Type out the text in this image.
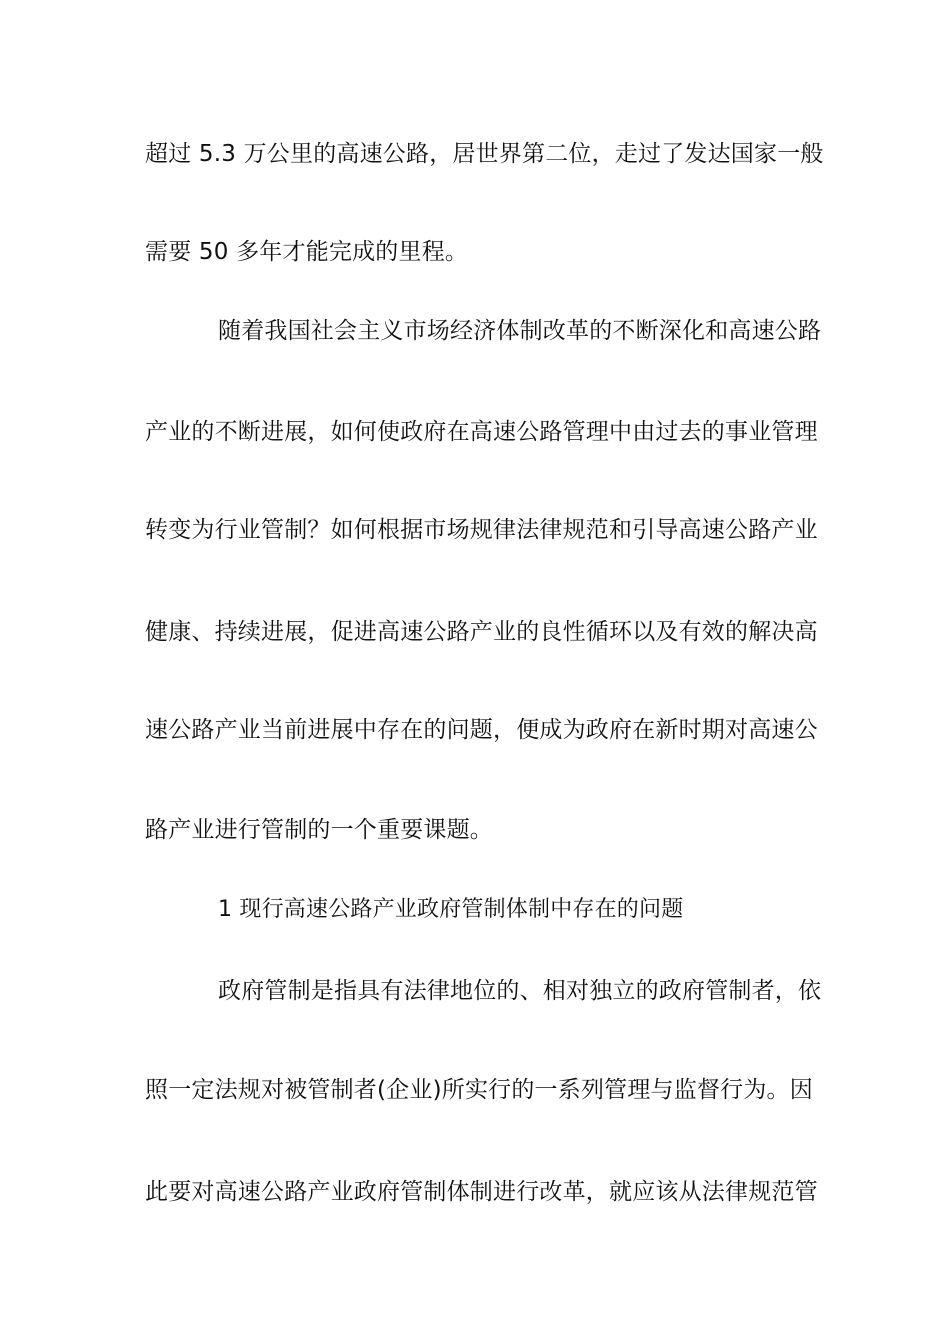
超过 5.3 万公里的高速公路，居世界第二位，走过了发达国家一般
需要 50 多年才能完成的里程。
随着我国社会主义市场经济体制改革的不断深化和高速公路
产业的不断进展，如何使政府在高速公路管理中由过去的事业管理
转变为行业管制？如何根据市场规律法律规范和引导高速公路产业
健康、持续进展，促进高速公路产业的良性循环以及有效的解决高
速公路产业当前进展中存在的问题，便成为政府在新时期对高速公
路产业进行管制的一个重要课题。
1 现行高速公路产业政府管制体制中存在的问题
政府管制是指具有法律地位的、相对独立的政府管制者，依
照一定法规对被管制者(企业)所实行的一系列管理与监督行为。因
此要对高速公路产业政府管制体制进行改革，就应该从法律规范管
